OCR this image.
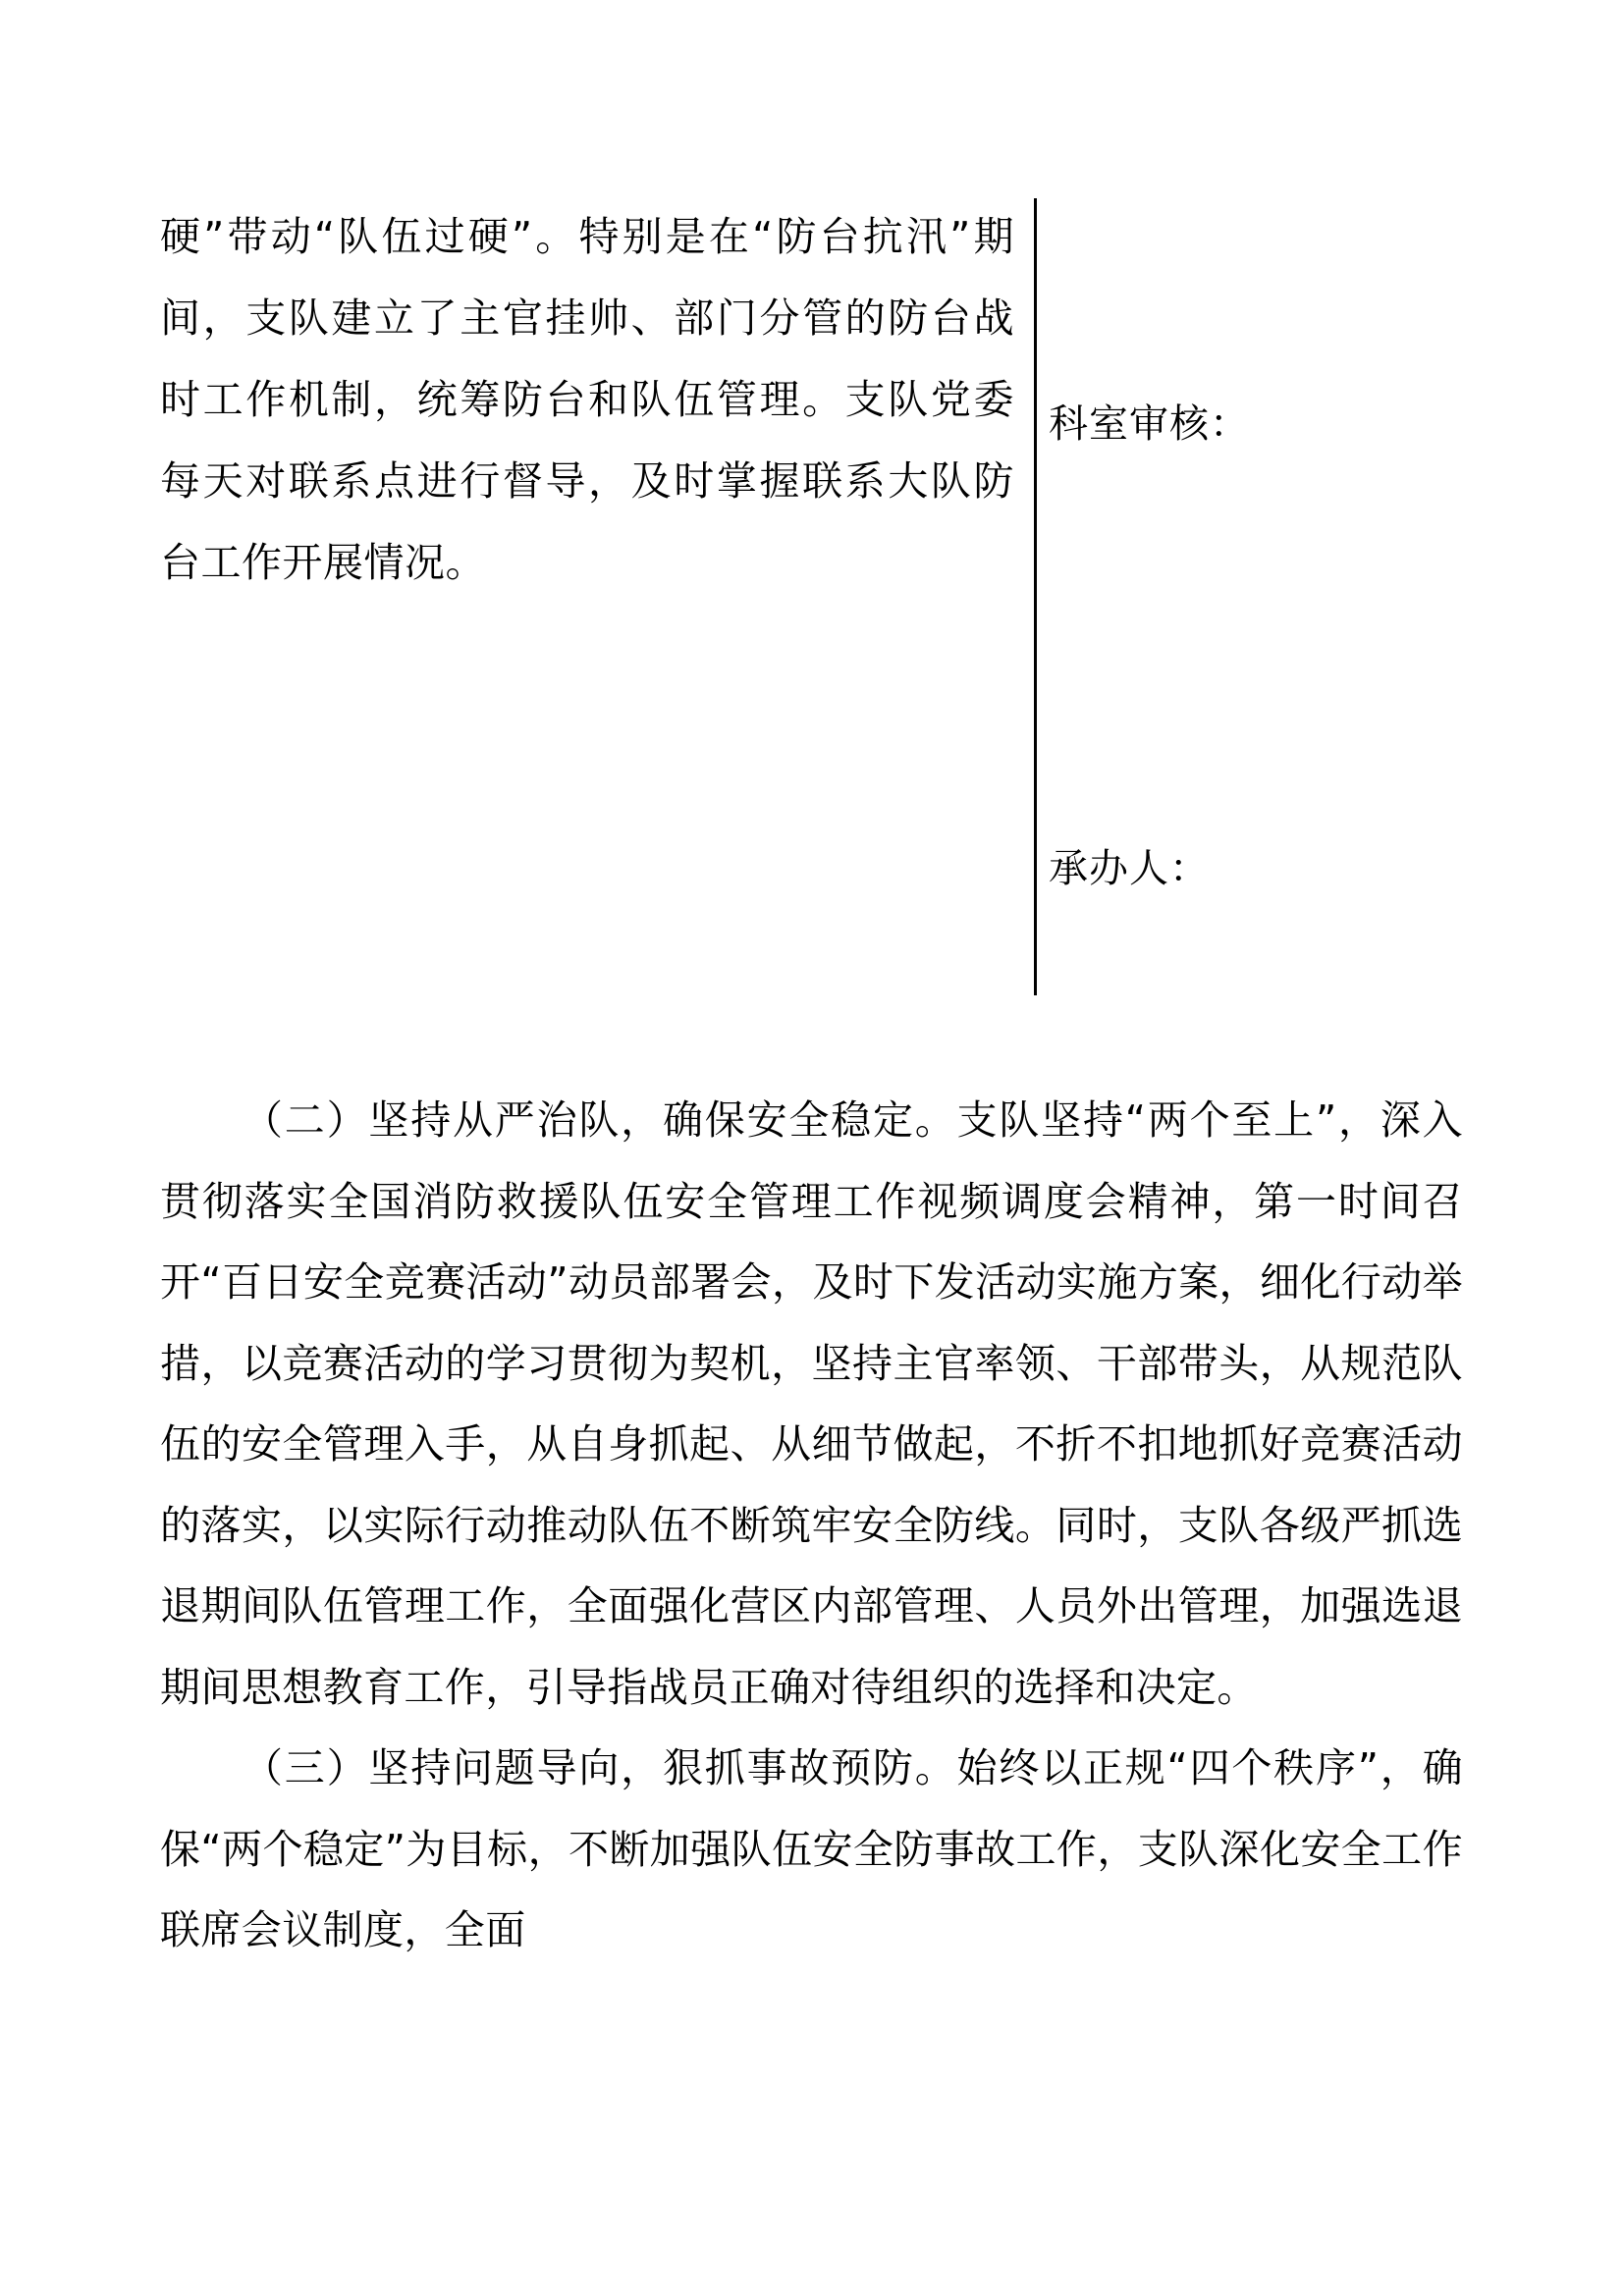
硬”带动“队伍过硬”。特别是在“防台抗汛”期间，支队建立了主官挂帅、部门分管的防台战时工作机制，统筹防台和队伍管理。支队党委每天对联系点进行督导，及时掌握联系大队防台工作开展情况。
科室审核：
承办人：

（二）坚持从严治队，确保安全稳定。支队坚持“两个至上”，深入贯彻落实全国消防救援队伍安全管理工作视频调度会精神，第一时间召开“百日安全竞赛活动”动员部署会，及时下发活动实施方案，细化行动举措，以竞赛活动的学习贯彻为契机，坚持主官率领、干部带头，从规范队伍的安全管理入手，从自身抓起、从细节做起，不折不扣地抓好竞赛活动的落实，以实际行动推动队伍不断筑牢安全防线。同时，支队各级严抓选退期间队伍管理工作，全面强化营区内部管理、人员外出管理，加强选退期间思想教育工作，引导指战员正确对待组织的选择和决定。

（三）坚持问题导向，狠抓事故预防。始终以正规“四个秩序”，确保“两个稳定”为目标，不断加强队伍安全防事故工作，支队深化安全工作联席会议制度，全面
